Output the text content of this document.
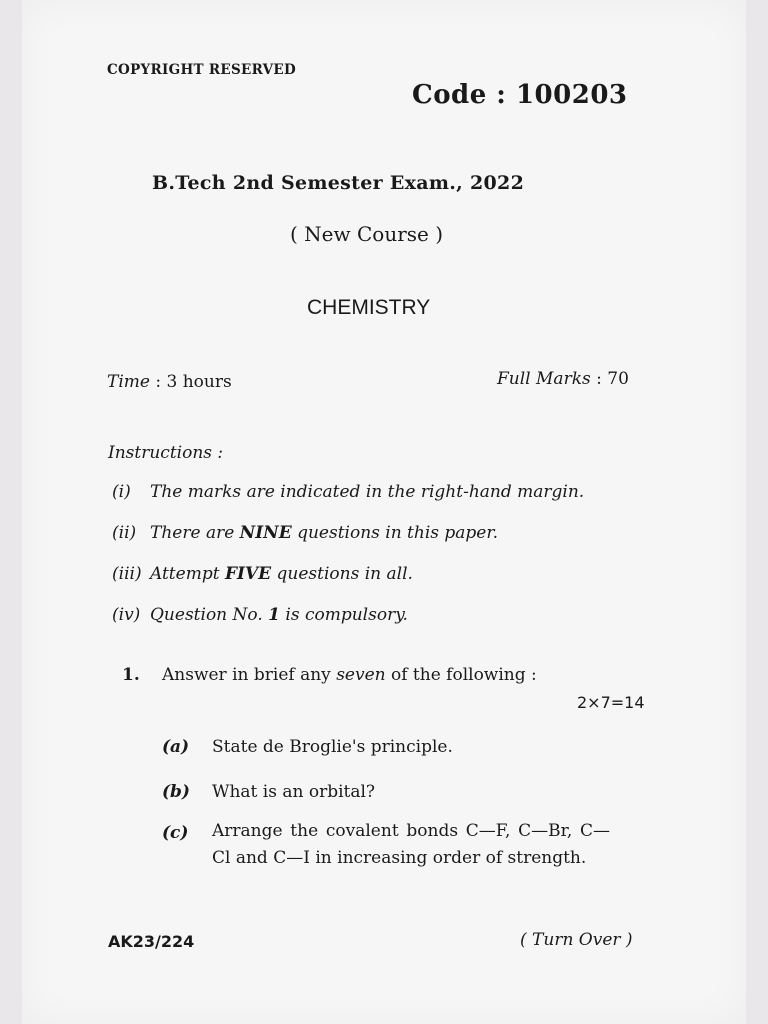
COPYRIGHT RESERVED
Code : 100203
B.Tech 2nd Semester Exam., 2022
( New Course )
CHEMISTRY
Time : 3 hours	Full Marks : 70
Instructions :
(i) The marks are indicated in the right-hand margin.
(ii) There are NINE questions in this paper.
(iii) Attempt FIVE questions in all.
(iv) Question No. 1 is compulsory.
1. Answer in brief any seven of the following :
2×7=14
(a)	State de Broglie's principle.
(b)	What is an orbital?
(c)	Arrange the covalent bonds C—F, C—Br, C—Cl and C—I in increasing order of strength.
AK23/224	( Turn Over )
